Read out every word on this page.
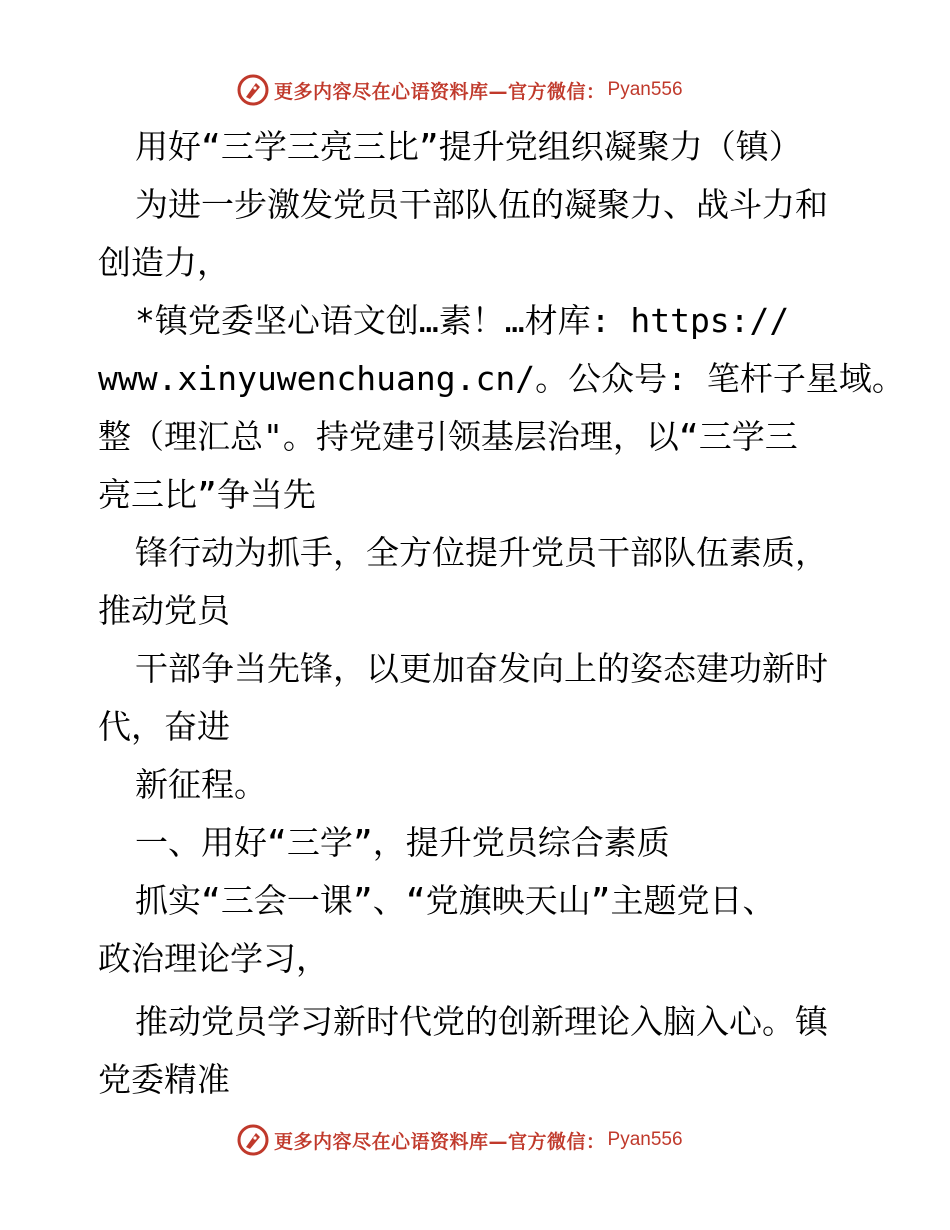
更多内容尽在心语资料库—官方微信： Pyan556
用好“三学三亮三比”提升党组织凝聚力（镇）
为进一步激发党员干部队伍的凝聚力、战斗力和
创造力，
*镇党委坚心语文创…素！…材库: https://
www.xinyuwenchuang.cn/。公众号: 笔杆子星域。
整（理汇总"。持党建引领基层治理，以“三学三
亮三比”争当先
锋行动为抓手，全方位提升党员干部队伍素质，
推动党员
干部争当先锋，以更加奋发向上的姿态建功新时
代，奋进
新征程。
一、用好“三学”，提升党员综合素质
抓实“三会一课”、“党旗映天山”主题党日、
政治理论学习，
推动党员学习新时代党的创新理论入脑入心。镇
党委精准
更多内容尽在心语资料库—官方微信： Pyan556
